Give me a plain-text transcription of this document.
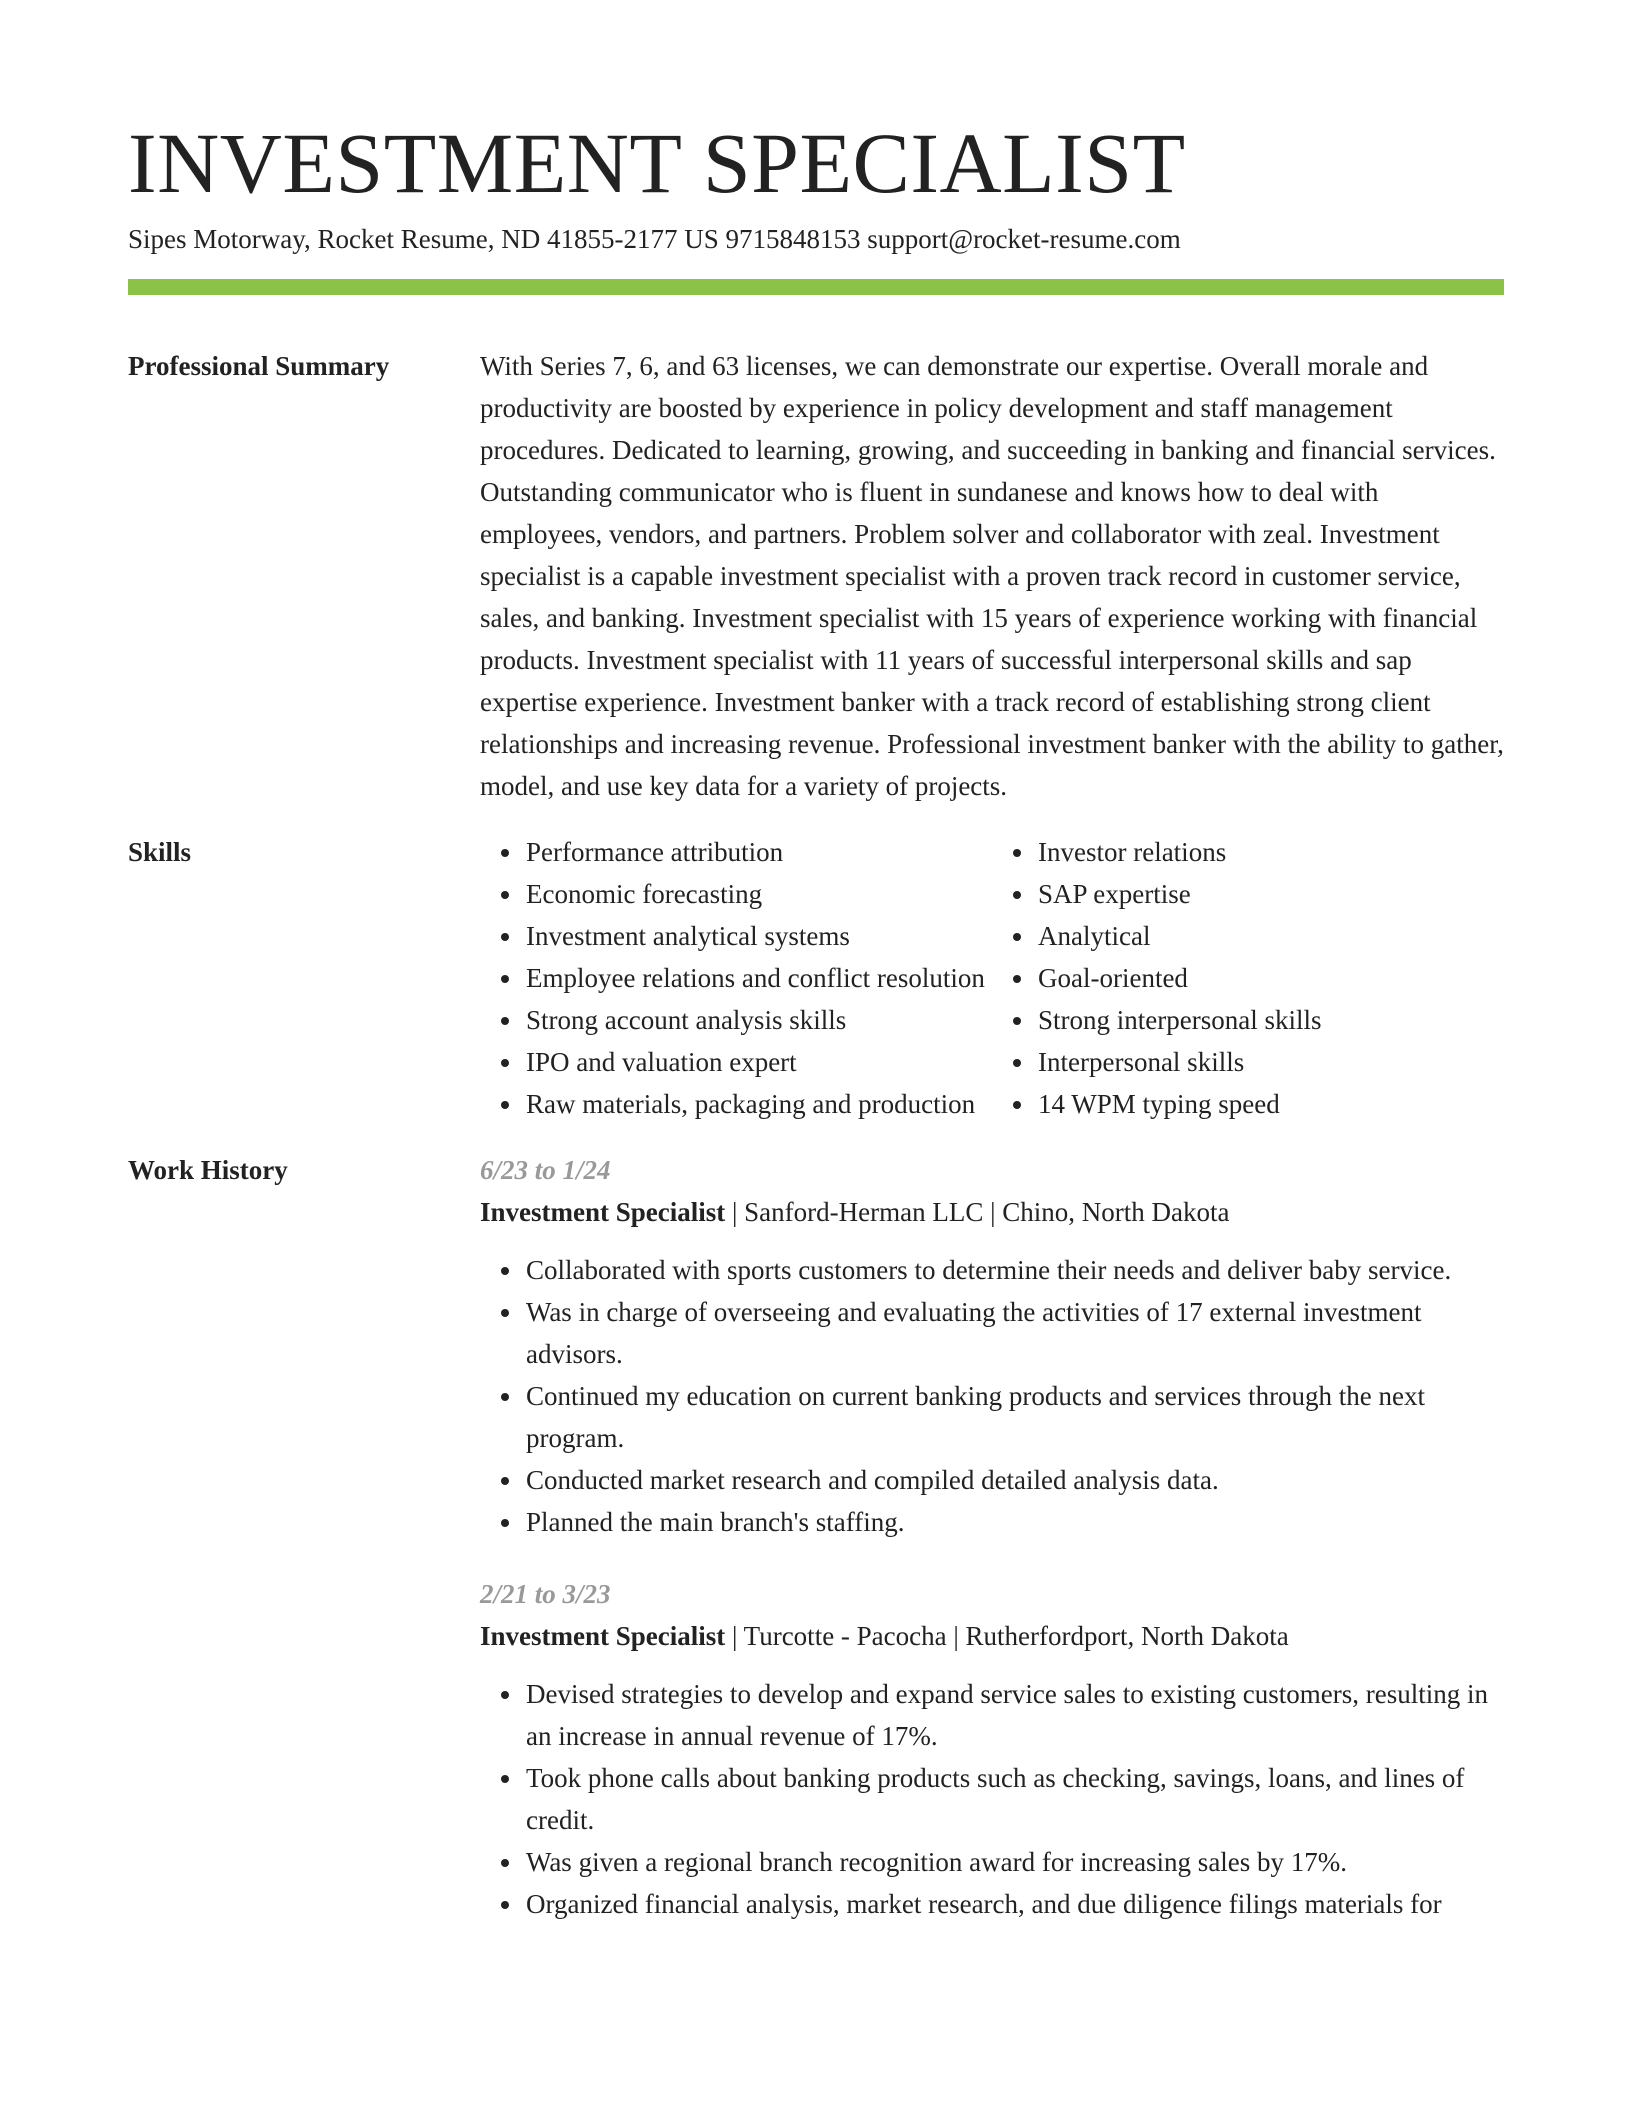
INVESTMENT SPECIALIST
Sipes Motorway, Rocket Resume, ND 41855-2177 US 9715848153 support@rocket-resume.com
Professional Summary	With Series 7, 6, and 63 licenses, we can demonstrate our expertise. Overall morale and productivity are boosted by experience in policy development and staff management procedures. Dedicated to learning, growing, and succeeding in banking and financial services. Outstanding communicator who is fluent in sundanese and knows how to deal with employees, vendors, and partners. Problem solver and collaborator with zeal. Investment specialist is a capable investment specialist with a proven track record in customer service, sales, and banking. Investment specialist with 15 years of experience working with financial products. Investment specialist with 11 years of successful interpersonal skills and sap expertise experience. Investment banker with a track record of establishing strong client relationships and increasing revenue. Professional investment banker with the ability to gather, model, and use key data for a variety of projects.

Skills
•	Performance attribution
• Economic forecasting
• Investment analytical systems
• Employee relations and conflict resolution
• Strong account analysis skills
• IPO and valuation expert
• Raw materials, packaging and production
• Investor relations
• SAP expertise
• Analytical
• Goal-oriented
• Strong interpersonal skills
• Interpersonal skills
• 14 WPM typing speed
Work History	6/23 to 1/24
Investment Specialist | Sanford-Herman LLC | Chino, North Dakota
• Collaborated with sports customers to determine their needs and deliver baby service.
• Was in charge of overseeing and evaluating the activities of 17 external investment advisors.
• Continued my education on current banking products and services through the next program.
• Conducted market research and compiled detailed analysis data.
• Planned the main branch's staffing.
2/21 to 3/23
Investment Specialist | Turcotte - Pacocha | Rutherfordport, North Dakota
• Devised strategies to develop and expand service sales to existing customers, resulting in an increase in annual revenue of 17%.
• Took phone calls about banking products such as checking, savings, loans, and lines of credit.
• Was given a regional branch recognition award for increasing sales by 17%.
• Organized financial analysis, market research, and due diligence filings materials for
